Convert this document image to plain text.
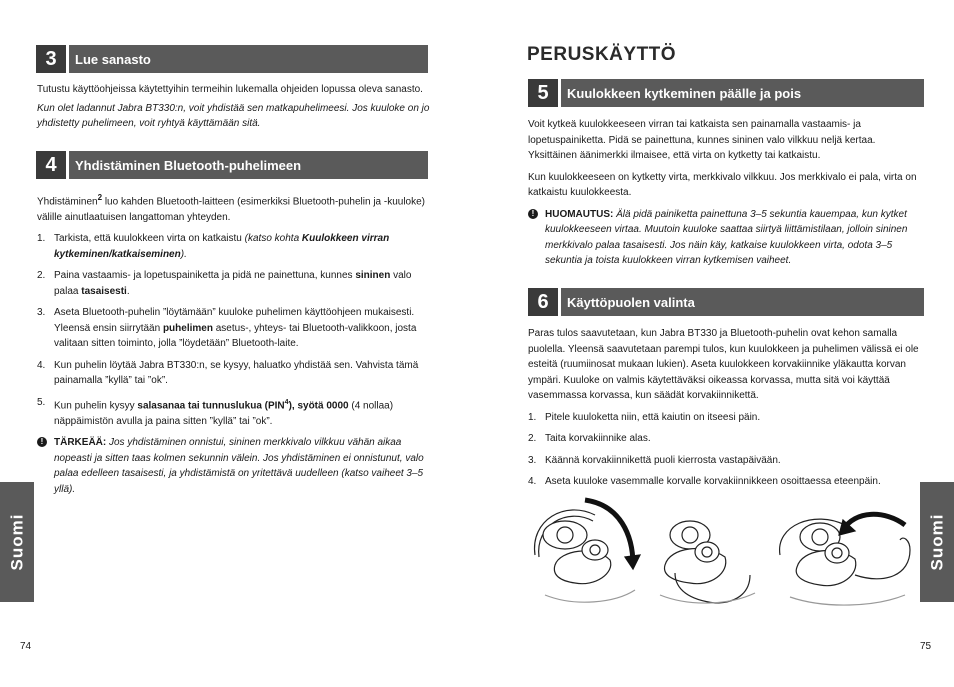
3	Lue sanasto
Tutustu käyttöohjeissa käytettyihin termeihin lukemalla ohjeiden lopussa oleva sanasto.
Kun olet ladannut Jabra BT330:n, voit yhdistää sen matkapuhelimeesi. Jos kuuloke on jo yhdistetty puhelimeen, voit ryhtyä käyttämään sitä.
4	Yhdistäminen Bluetooth-puhelimeen
Yhdistäminen$^2$ luo kahden Bluetooth-laitteen (esimerkiksi Bluetooth-puhelin ja -kuuloke) välille ainutlaatuisen langattoman yhteyden.
1. Tarkista, että kuulokkeen virta on katkaistu (katso kohta Kuulokkeen virran kytkeminen/katkaiseminen).
2. Paina vastaamis- ja lopetuspainiketta ja pidä ne painettuna, kunnes sininen valo palaa tasaisesti.
3. Aseta Bluetooth-puhelin ”löytämään” kuuloke puhelimen käyttöohjeen mukaisesti. Yleensä ensin siirrytään puhelimen asetus-, yhteys- tai Bluetooth-valikkoon, josta valitaan sitten toiminto, jolla ”löydetään” Bluetooth-laite.
4. Kun puhelin löytää Jabra BT330:n, se kysyy, haluatko yhdistää sen. Vahvista tämä painamalla ”kyllä” tai ”ok”.
5. Kun puhelin kysyy salasanaa tai tunnuslukua (PIN$^4$), syötä 0000 (4 nollaa) näppäimistön avulla ja paina sitten ”kyllä” tai ”ok”.
!	TÄRKEÄÄ: Jos yhdistäminen onnistui, sininen merkkivalo vilkkuu vähän aikaa nopeasti ja sitten taas kolmen sekunnin välein. Jos yhdistäminen ei onnistunut, valo palaa edelleen tasaisesti, ja yhdistämistä on yritettävä uudelleen (katso vaiheet 3–5 yllä).
Suomi
74
PERUSKÄYTTÖ
5	Kuulokkeen kytkeminen päälle ja pois
Voit kytkeä kuulokkeeseen virran tai katkaista sen painamalla vastaamis- ja lopetuspainiketta. Pidä se painettuna, kunnes sininen valo vilkkuu neljä kertaa. Yksittäinen äänimerkki ilmaisee, että virta on kytketty tai katkaistu.
Kun kuulokkeeseen on kytketty virta, merkkivalo vilkkuu. Jos merkkivalo ei pala, virta on katkaistu kuulokkeesta.
!	HUOMAUTUS: Älä pidä painiketta painettuna 3–5 sekuntia kauempaa, kun kytket kuulokkeeseen virtaa. Muutoin kuuloke saattaa siirtyä liittämistilaan, jolloin sininen merkkivalo palaa tasaisesti. Jos näin käy, katkaise kuulokkeen virta, odota 3–5 sekuntia ja toista kuulokkeen virran kytkemisen vaiheet.
6	Käyttöpuolen valinta
Paras tulos saavutetaan, kun Jabra BT330 ja Bluetooth-puhelin ovat kehon samalla puolella. Yleensä saavutetaan parempi tulos, kun kuulokkeen ja puhelimen välissä ei ole esteitä (ruumiinosat mukaan lukien). Aseta kuulokkeen korvakiinnike yläkautta korvan ympäri. Kuuloke on valmis käytettäväksi oikeassa korvassa, mutta sitä voi käyttää vasemmassa korvassa, kun säädät korvakiinnikettä.
1. Pitele kuuloketta niin, että kaiutin on itseesi päin.
2. Taita korvakiinnike alas.
3. Käännä korvakiinnikettä puoli kierrosta vastapäivään.
4. Aseta kuuloke vasemmalle korvalle korvakiinnikkeen osoittaessa eteenpäin.
Suomi
75
